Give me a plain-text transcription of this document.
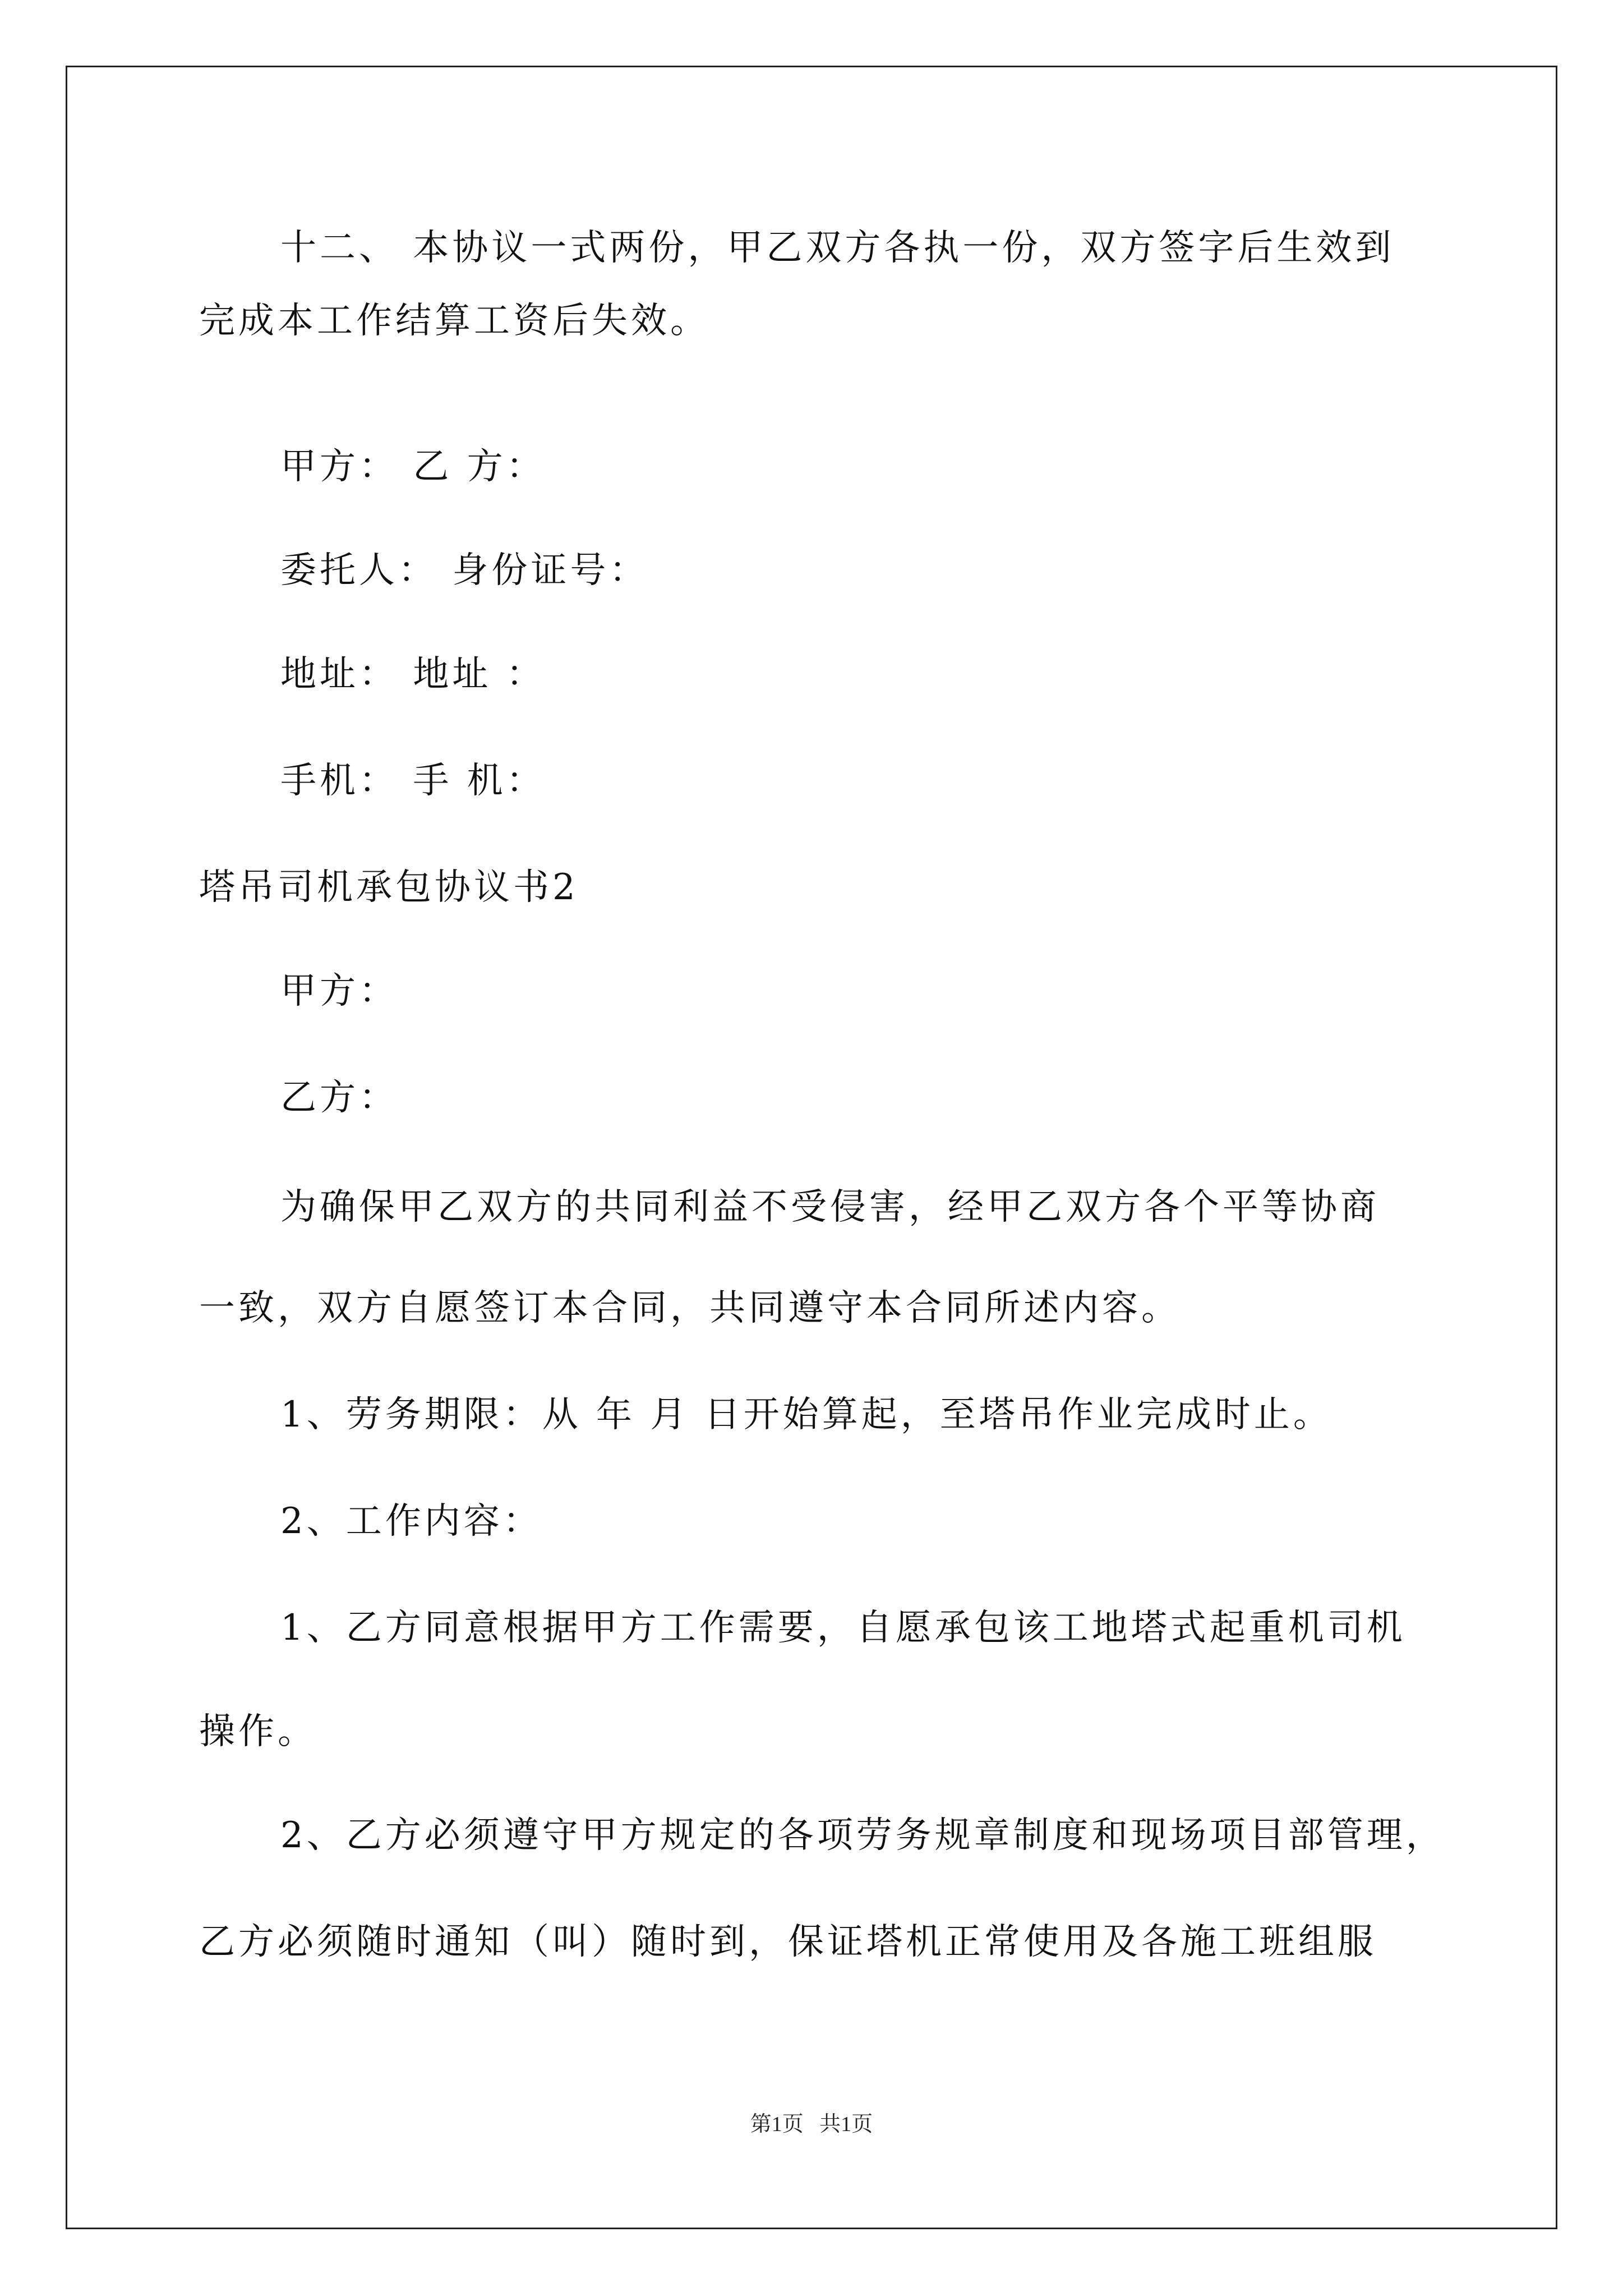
十二、 本协议一式两份，甲乙双方各执一份，双方签字后生效到
完成本工作结算工资后失效。
甲方： 乙 方：
委托人： 身份证号：
地址： 地址 ：
手机： 手 机：
塔吊司机承包协议书2
甲方：
乙方：
为确保甲乙双方的共同利益不受侵害，经甲乙双方各个平等协商
一致，双方自愿签订本合同，共同遵守本合同所述内容。
1、劳务期限：从 年 月 日开始算起，至塔吊作业完成时止。
2、工作内容：
1、乙方同意根据甲方工作需要，自愿承包该工地塔式起重机司机
操作。
2、乙方必须遵守甲方规定的各项劳务规章制度和现场项目部管理，
乙方必须随时通知（叫）随时到，保证塔机正常使用及各施工班组服
第1页   共1页
